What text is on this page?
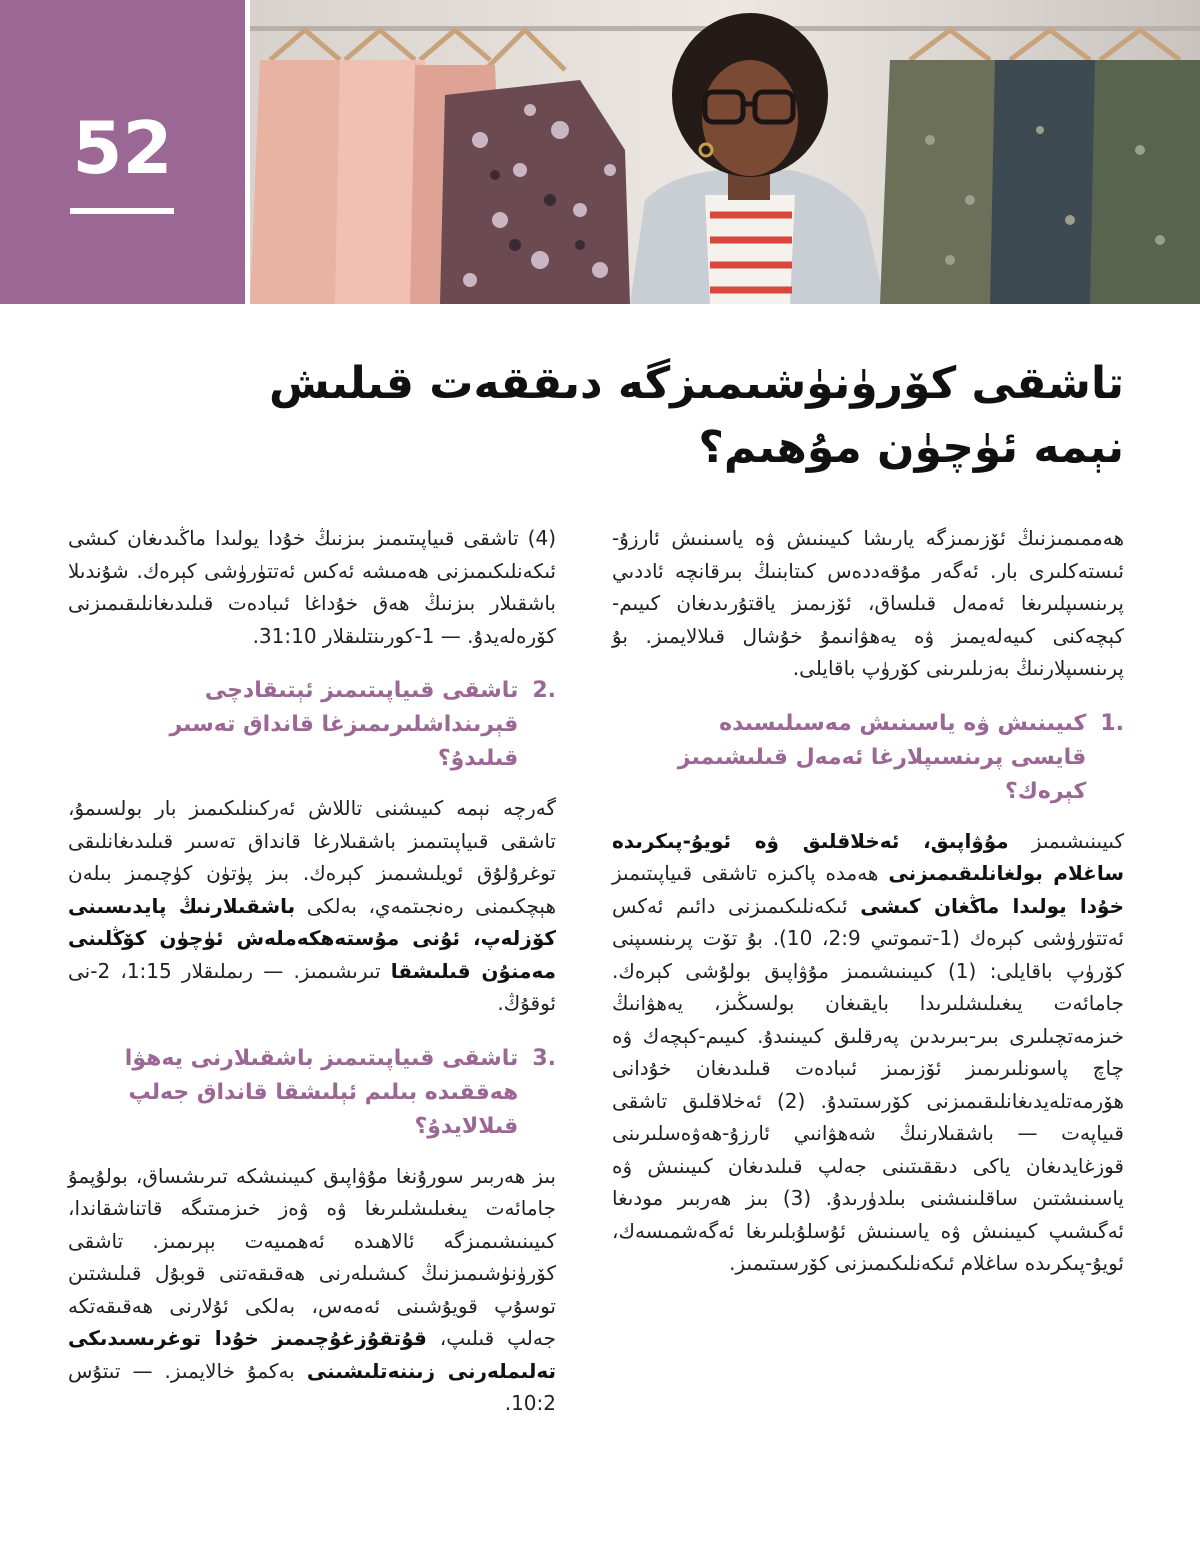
52
تاشقى كۆرۈنۈشىمىزگە دىققەت قىلىش نېمە ئۈچۈن مۇھىم؟

ھەممىمىزنىڭ ئۆزىمىزگە يارىشا كىيىنىش ۋە ياسىنىش ئارزۇ-ئىستەكلىرى بار. ئەگەر مۇقەددەس كىتابنىڭ بىرقانچە ئاددىي پرىنسىپلىرىغا ئەمەل قىلساق، ئۆزىمىز ياقتۇرىدىغان كىيىم-كېچەكنى كىيەلەيمىز ۋە يەھۋانىمۇ خۇشال قىلالايمىز. بۇ پرىنسىپلارنىڭ بەزىلىرىنى كۆرۈپ باقايلى.

1.
كىيىنىش ۋە ياسىنىش مەسىلىسىدە قايسى پرىنسىپلارغا ئەمەل قىلىشىمىز كېرەك؟

كىيىنىشىمىز مۇۋاپىق، ئەخلاقلىق ۋە ئويۇ-پىكرىدە ساغلام بولغانلىقىمىزنى ھەمدە پاكىزە تاشقى قىياپىتىمىز خۇدا يولىدا ماڭغان كىشى ئىكەنلىكىمىزنى دائىم ئەكس ئەتتۈرۈشى كېرەك (1-تىموتىي 2:9، 10). بۇ تۆت پرىنسىپنى كۆرۈپ باقايلى: (1) كىيىنىشىمىز مۇۋاپىق بولۇشى كېرەك. جامائەت يىغىلىشلىرىدا بايقىغان بولسىڭىز، يەھۋانىڭ خىزمەتچىلىرى بىر-بىرىدىن پەرقلىق كىيىنىدۇ. كىيىم-كېچەك ۋە چاچ پاسونلىرىمىز ئۆزىمىز ئىبادەت قىلىدىغان خۇدانى ھۆرمەتلەيدىغانلىقىمىزنى كۆرسىتىدۇ. (2) ئەخلاقلىق تاشقى قىياپەت — باشقىلارنىڭ شەھۋانىي ئارزۇ-ھەۋەسلىرىنى قوزغايدىغان ياكى دىققىتىنى جەلپ قىلىدىغان كىيىنىش ۋە ياسىنىشتىن ساقلىنىشنى بىلدۈرىدۇ. (3) بىز ھەربىر مودىغا ئەگىشىپ كىيىنىش ۋە ياسىنىش ئۇسلۇبلىرىغا ئەگەشمىسەك، ئويۇ-پىكرىدە ساغلام ئىكەنلىكىمىزنى كۆرسىتىمىز.

(4) تاشقى قىياپىتىمىز بىزنىڭ خۇدا يولىدا ماڭىدىغان كىشى ئىكەنلىكىمىزنى ھەمىشە ئەكس ئەتتۈرۈشى كېرەك. شۇندىلا باشقىلار بىزنىڭ ھەق خۇداغا ئىبادەت قىلىدىغانلىقىمىزنى كۆرەلەيدۇ. — 1-كورىنتلىقلار 31:10.

2.
تاشقى قىياپىتىمىز ئېتىقادچى قېرىنداشلىرىمىزغا قانداق تەسىر قىلىدۇ؟

گەرچە نېمە كىيىشنى تاللاش ئەركىنلىكىمىز بار بولسىمۇ، تاشقى قىياپىتىمىز باشقىلارغا قانداق تەسىر قىلىدىغانلىقى توغرۇلۇق ئويلىشىمىز كېرەك. بىز پۈتۈن كۈچىمىز بىلەن ھېچكىمنى رەنجىتمەي، بەلكى باشقىلارنىڭ پايدىسىنى كۆزلەپ، ئۇنى مۇستەھكەملەش ئۈچۈن كۆڭلىنى مەمنۇن قىلىشقا تىرىشىمىز. — رىملىقلار 1:15، 2-نى ئوقۇڭ.

3.
تاشقى قىياپىتىمىز باشقىلارنى يەھۋا ھەققىدە بىلىم ئېلىشقا قانداق جەلپ قىلالايدۇ؟

بىز ھەربىر سورۇنغا مۇۋاپىق كىيىنىشكە تىرىشساق، بولۇپمۇ جامائەت يىغىلىشلىرىغا ۋە ۋەز خىزمىتىگە قاتناشقاندا، كىيىنىشىمىزگە ئالاھىدە ئەھمىيەت بېرىمىز. تاشقى كۆرۈنۈشىمىزنىڭ كىشىلەرنى ھەقىقەتنى قوبۇل قىلىشتىن توسۇپ قويۇشىنى ئەمەس، بەلكى ئۇلارنى ھەقىقەتكە جەلپ قىلىپ، قۇتقۇزغۇچىمىز خۇدا توغرىسىدىكى تەلىملەرنى زىننەتلىشىنى بەكمۇ خالايمىز. — تىتۇس 10:2.
